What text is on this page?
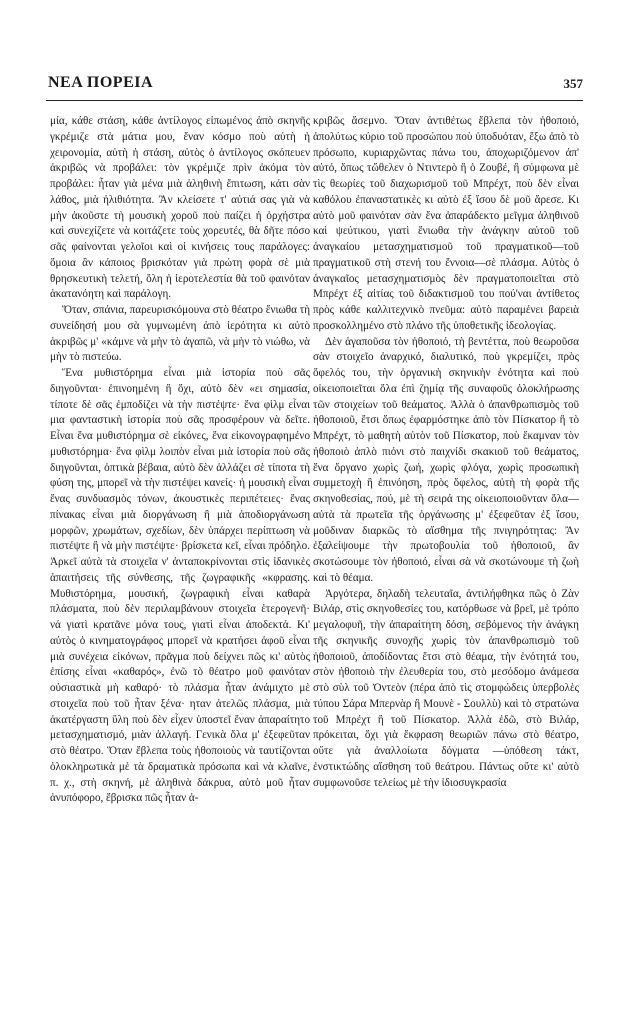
ΝΕΑ ΠΟΡΕΙΑ	357

μία, κάθε στάση, κάθε ἀντίλογος εἰπωμένος ἀπὸ σκηνῆς γκρέμιζε στὰ μάτια μου, ἕναν κόσμο ποὺ αὐτὴ ἡ χειρονομία, αὐτὴ ἡ στάση, αὐτὸς ὁ ἀντίλογος σκόπευεν ἀκριβῶς νὰ προβάλει: τὸν γκρέμιζε πρὶν ἀκόμα τὸν προβάλει: ἦταν γιὰ μένα μιὰ ἀληθινὴ ἔπιτωση, κάτι σὰν λάθος, μιὰ ἠλιθιότητα. Ἂν κλείσετε τ' αὐτιά σας γιὰ νὰ μὴν ἀκοῦστε τὴ μουσικὴ χοροῦ ποὺ παίζει ἡ ὀρχήστρα καὶ συνεχίζετε νὰ κοιτάζετε τοὺς χορευτές, θὰ δῆτε πόσο σᾶς φαίνονται γελοῖοι καὶ οἱ κινήσεις τους παράλογες: ὅμοια ἂν κάποιος βρισκόταν γιὰ πρώτη φορὰ σὲ μιὰ θρησκευτικὴ τελετή, ὅλη ἡ ἱεροτελεστία θὰ τοῦ φαινόταν ἀκατανόητη καὶ παράλογη.

Ὅταν, σπάνια, παρευρισκόμουνα στὸ θέατρο ἔνιωθα τὴ συνείδησή μου σὰ γυμνωμένη ἀπὸ ἱερότητα κι αὐτὸ ἀκριβῶς μ' «κάμνε νὰ μὴν τὸ ἀγαπῶ, νὰ μὴν τὸ νιώθω, νὰ μὴν τὸ πιστεύω.

Ἕνα μυθιστόρημα εἶναι μιὰ ἱστορία ποὺ σᾶς διηγοῦνται· ἐπινοημένη ἢ ὄχι, αὐτὸ δὲν «ει σημασία, τίποτε δὲ σᾶς ἐμποδίζει νὰ τὴν πιστέψτε· ἕνα φὶλμ εἶναι μια φανταστικὴ ἱστορία ποὺ σᾶς προσφέρουν νὰ δεῖτε. Εἶναι ἕνα μυθιστόρημα σὲ εἰκόνες, ἕνα εἰκονογραφημένο μυθιστόρημα· ἕνα φὶλμ λοιπὸν εἶναι μιὰ ἱστορία ποὺ σᾶς διηγοῦνται, ὀπτικὰ βέβαια, αὐτὸ δὲν ἀλλάζει σὲ τίποτα τὴ φύση της, μπορεῖ νὰ τὴν πιστέψει κανείς· ἡ μουσικὴ εἶναι ἕνας συνδυασμὸς τόνων, ἀκουστικὲς περιπέτειες· ἕνας πίνακας εἶναι μιὰ διοργάνωση ἢ μιὰ ἀποδιοργάνωση μορφῶν, χρωμάτων, σχεδίων, δὲν ὑπάρχει περίπτωση νὰ πιστέψτε ἢ νὰ μὴν πιστέψτε· βρίσκετα κεῖ, εἶναι πρόδηλο. Ἀρκεῖ αὐτὰ τὰ στοιχεῖα ν' ἀνταποκρίνονται στὶς ἰδανικὲς ἀπαιτήσεις τῆς σύνθεσης, τῆς ζωγραφικῆς «κφρασης. Μυθιστόρημα, μουσική, ζωγραφικὴ εἶναι καθαρὰ πλάσματα, ποὺ δὲν περιλαμβάνουν στοιχεῖα ἑτερογενῆ· νά γιατὶ κρατᾶνε μόνα τους, γιατὶ εἶναι ἀποδεκτά. Κι' αὐτὸς ὁ κινηματογράφος μπορεῖ νὰ κρατήσει ἀφοῦ εἶναι μιὰ συνέχεια εἰκόνων, πρᾶγμα ποὺ δείχνει πῶς κι' αὐτὸς ἐπίσης εἶναι «καθαρός», ἐνῶ τὸ θέατρο μοῦ φαινόταν οὐσιαστικὰ μὴ καθαρό· τὸ πλάσμα ἦταν ἀνάμιχτο μὲ στοιχεῖα ποὺ τοῦ ἦταν ξένα· ηταν ἀτελῶς πλάσμα, μιὰ ἀκατέργαστη ὕλη ποὺ δὲν εἶχεν ὑποστεῖ ἕναν ἀπαραίτητο μετασχηματισμό, μιὰν ἀλλαγή. Γενικὰ ὅλα μ' ἐξεφεῦταν στὸ θέατρο. Ὅταν ἔβλεπα τοὺς ἠθοποιοὺς νὰ ταυτίζονται ὁλοκληρωτικὰ μὲ τὰ δραματικὰ πρόσωπα καὶ νὰ κλαῖνε, π. χ., στὴ σκηνή, μὲ ἀληθινὰ δάκρυα, αὐτὸ μοῦ ἦταν ἀνυπόφορο, ἔβρισκα πῶς ἦταν ἀ-

κριβῶς ἄσεμνο. Ὅταν ἀντιθέτως ἔβλεπα τὸν ἠθοποιό, ἀπολύτως κύριο τοῦ προσώπου ποὺ ὑποδυόταν, ἔξω ἀπὸ τὸ πρόσωπο, κυριαρχῶντας πάνω του, ἀποχωριζόμενον ἀπ' αὐτό, ὅπως τὤθελεν ὁ Ντιντερὸ ἢ ὁ Ζουβέ, ἢ σύμφωνα μὲ τὶς θεωρίες τοῦ διαχωρισμοῦ τοῦ Μπρέχτ, ποὺ δὲν εἶναι καθόλου ἐπαναστατικὲς κι αὐτὸ ἐξ ἴσου δὲ μοῦ ἄρεσε. Κι αὐτὸ μοῦ φαινόταν σὰν ἕνα ἀπαράδεκτο μεῖγμα ἀληθινοῦ καὶ ψεύτικου, γιατὶ ἔνιωθα τὴν ἀνάγκην αὐτοῦ τοῦ ἀναγκαίου μετασχηματισμοῦ τοῦ πραγματικοῦ—τοῦ πραγματικοῦ στὴ στενή του ἔννοια—σὲ πλάσμα. Αὐτὸς ὁ ἀναγκαῖος μετασχηματισμὸς δὲν πραγματοποιεῖται στὸ Μπρέχτ ἐξ αἰτίας τοῦ διδακτισμοῦ του πού'ναι ἀντίθετος πρὸς κάθε καλλιτεχνικὸ πνεῦμα: αὐτὸ παραμένει βαρειὰ προσκολλημένο στὸ πλάνο τῆς ὑποθετικῆς ἰδεολογίας.

Δὲν ἀγαποῦσα τὸν ἠθοποιό, τὴ βεντέττα, ποὺ θεωροῦσα σὰν στοιχεῖο ἀναρχικό, διαλυτικό, ποὺ γκρεμίζει, πρὸς ὄφελός του, τὴν ὀργανικὴ σκηνικὴν ἑνότητα καὶ ποὺ οἰκειοποιεῖται ὅλα ἐπὶ ζημίᾳ τῆς συναφοῦς ὁλοκλήρωσης τῶν στοιχείων τοῦ θεάματος. Ἀλλὰ ὁ ἀπανθρωπισμὸς τοῦ ἠθοποιοῦ, ἔτσι ὅπως ἐφαρμόστηκε ἀπὸ τὸν Πίσκατορ ἢ τὸ Μπρέχτ, τὸ μαθητὴ αὐτὸν τοῦ Πίσκατορ, ποὺ ἔκαμναν τὸν ἠθοποιὸ ἁπλὸ πιόνι στὸ παιχνίδι σκακιοῦ τοῦ θεάματος, ἕνα ὄργανο χωρὶς ζωή, χωρὶς φλόγα, χωρὶς προσωπικὴ συμμετοχὴ ἢ ἐπινόηση, πρὸς ὄφελος, αὐτὴ τὴ φορὰ τῆς σκηνοθεσίας, πού, μὲ τὴ σειρά της οἰκειοποιοῦνταν ὅλα—αὐτὰ τὰ πρωτεῖα τῆς ὀργάνωσης μ' ἐξεφεῦταν ἐξ ἴσου, μοῦδιναν διαρκῶς τὸ αἴσθημα τῆς πνιγηρότητας: Ἂν ἐξαλείψουμε τὴν πρωτοβουλία τοῦ ἠθοποιοῦ, ἂν σκοτώσουμε τὸν ἠθοποιό, εἶναι σὰ νὰ σκοτώνουμε τὴ ζωὴ καὶ τὸ θέαμα.

Ἀργότερα, δηλαδὴ τελευταῖα, ἀντιλήφθηκα πῶς ὁ Ζὰν Βιλάρ, στὶς σκηνοθεσίες του, κατόρθωσε νὰ βρεῖ, μὲ τρόπο μεγαλοφυῆ, τὴν ἀπαραίτητη δόση, σεβόμενος τὴν ἀνάγκη τῆς σκηνικῆς συνοχῆς χωρὶς τὸν ἀπανθρωπισμὸ τοῦ ἠθοποιοῦ, ἀποδίδοντας ἔτσι στὸ θέαμα, τὴν ἑνότητά του, στὸν ἠθοποιὸ τὴν ἐλευθερία του, στὸ μεσόδομο ἀνάμεσα στὸ σὺλ τοῦ Ὀντεὸν (πέρα ἀπὸ τὶς στομφώδεις ὑπερβολὲς τύπου Σάρα Μπερνὰρ ἢ Μουνὲ - Σουλλὺ) καὶ τὸ στρατώνα τοῦ Μπρέχτ ἢ τοῦ Πίσκατορ. Ἀλλὰ ἐδῶ, στὸ Βιλάρ, πρόκειται, ὄχι γιὰ ἔκφραση θεωριῶν πάνω στὸ θέατρο, οὔτε γιὰ ἀναλλοίωτα δόγματα —ὑπόθεση τάκτ, ἐνστικτώδης αἴσθηση τοῦ θεάτρου. Πάντως οὔτε κι' αὐτὸ συμφωνοῦσε τελείως μὲ τὴν ἰδιοσυγκρασία
